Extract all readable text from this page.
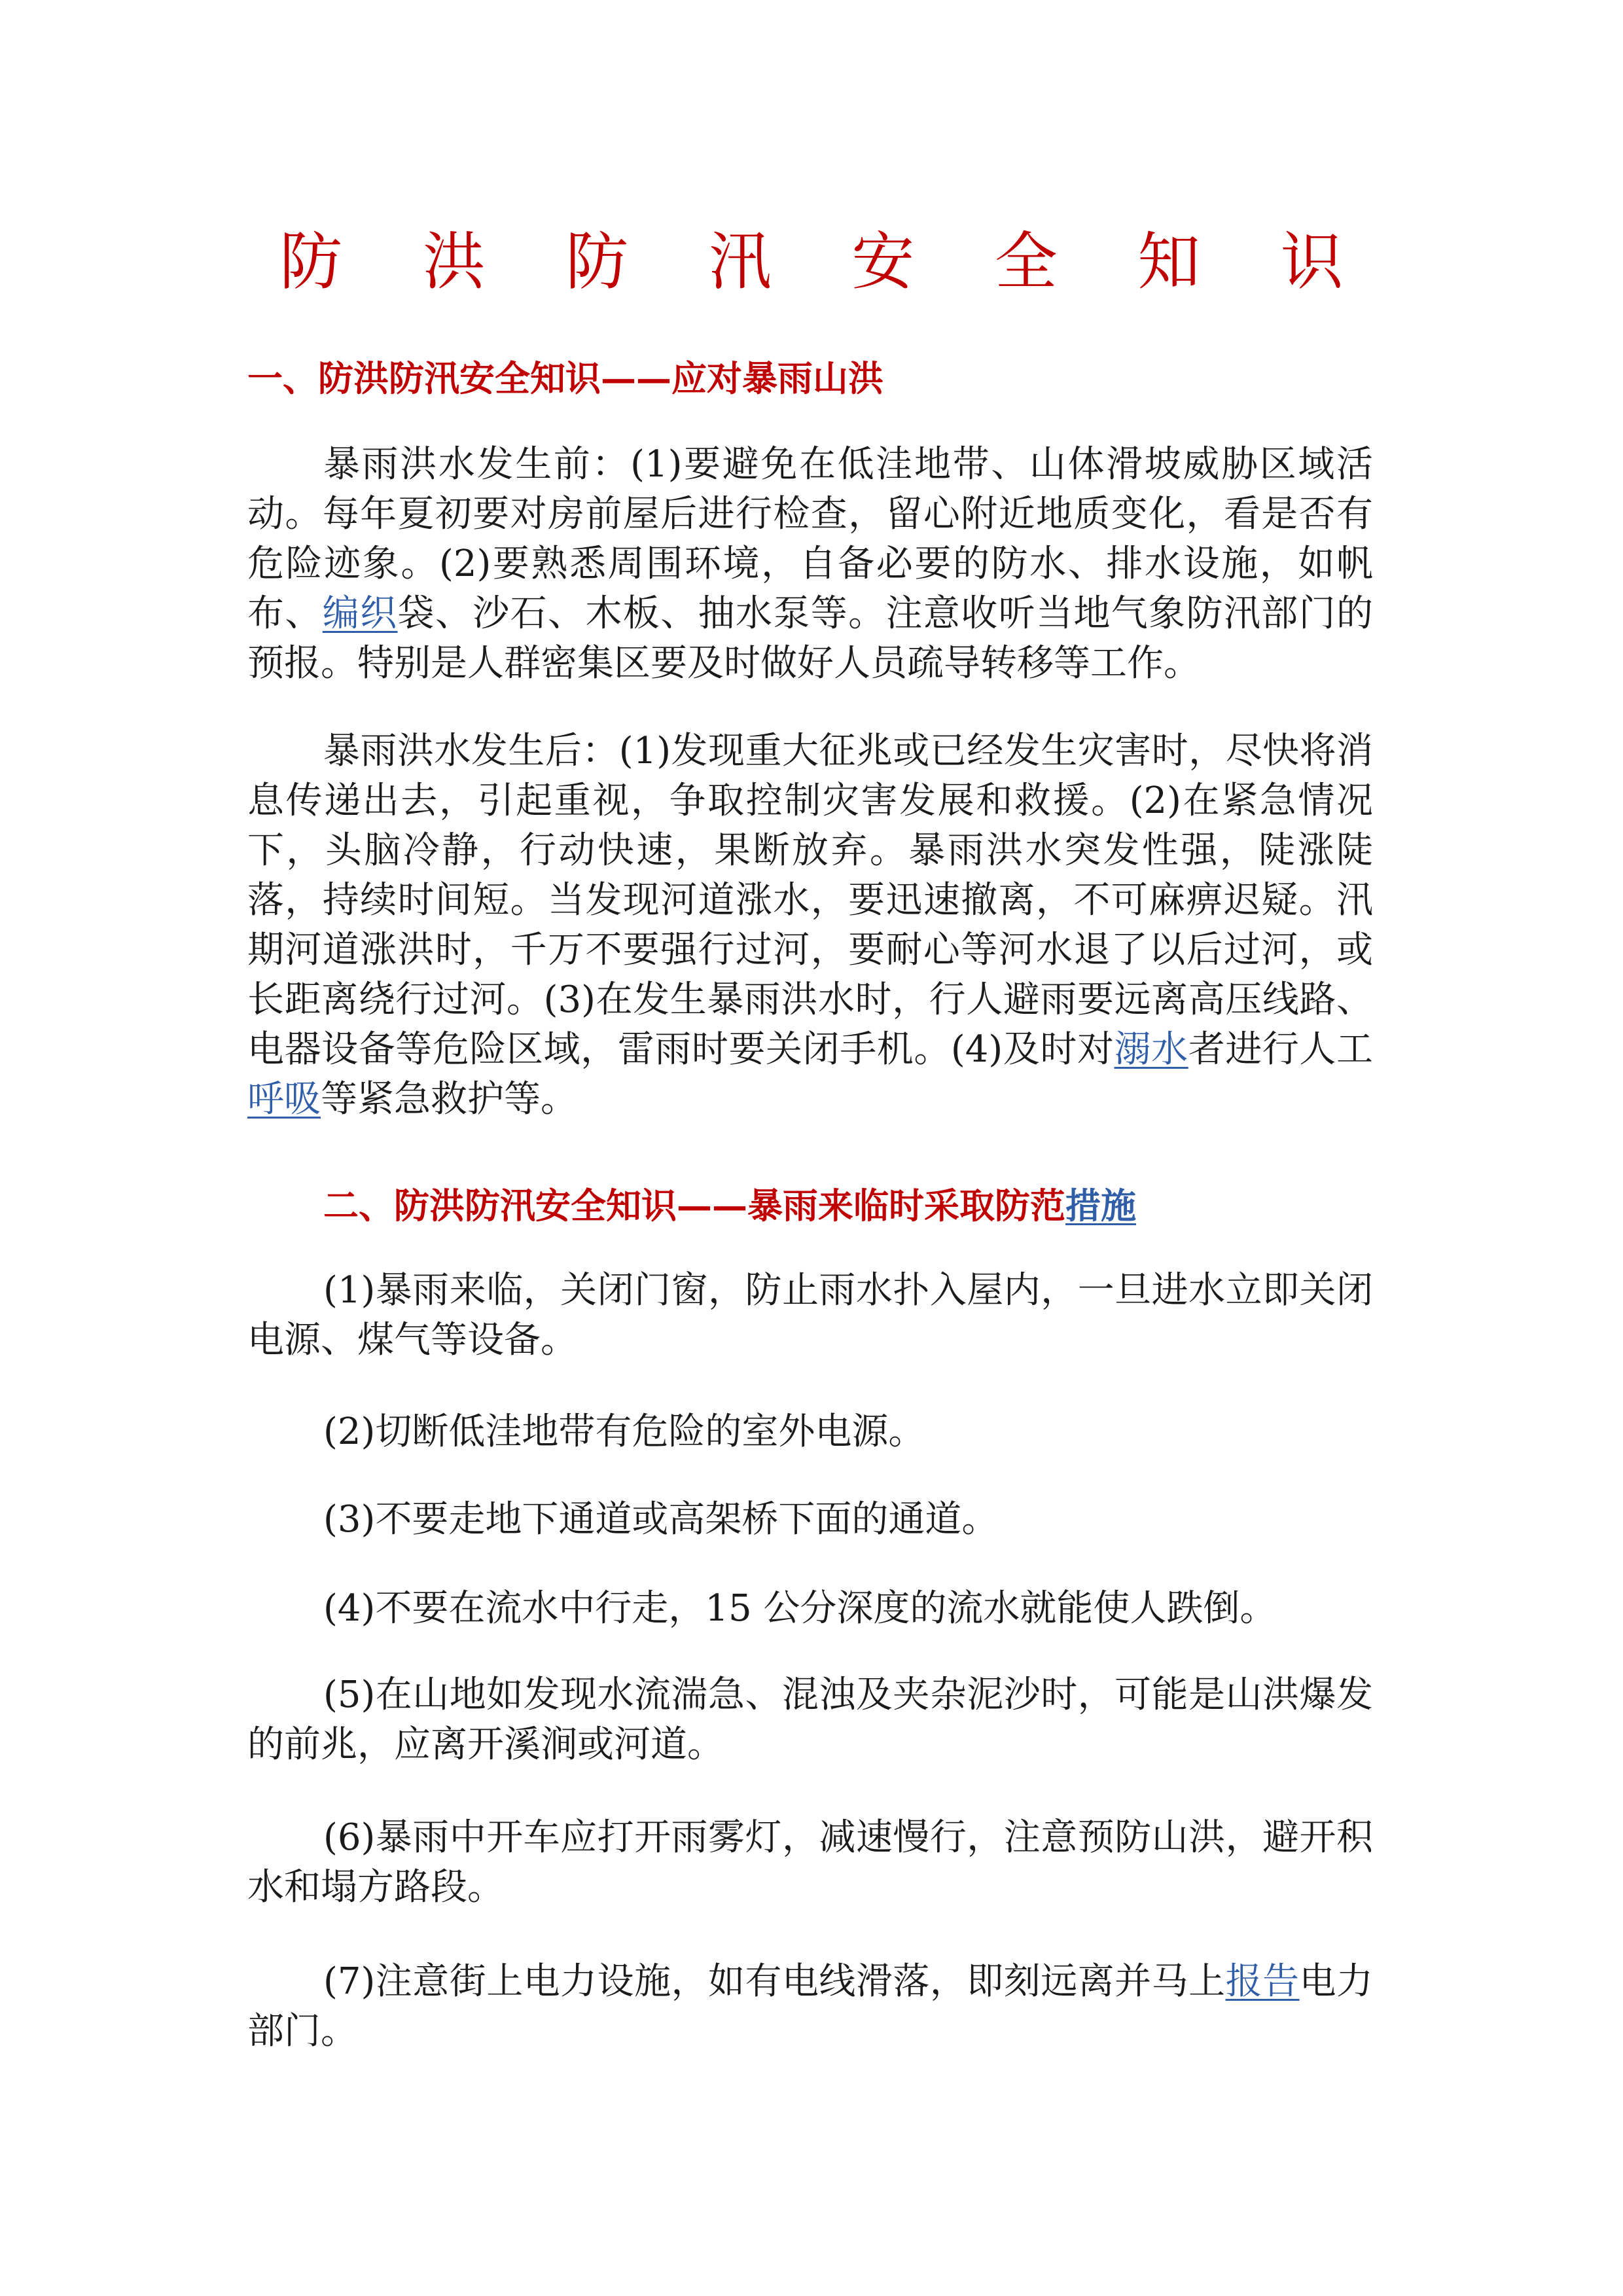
防 洪 防 汛 安 全 知 识

一、防洪防汛安全知识——应对暴雨山洪

暴雨洪水发生前：(1)要避免在低洼地带、山体滑坡威胁区域活动。每年夏初要对房前屋后进行检查，留心附近地质变化，看是否有危险迹象。(2)要熟悉周围环境，自备必要的防水、排水设施，如帆布、编织袋、沙石、木板、抽水泵等。注意收听当地气象防汛部门的预报。特别是人群密集区要及时做好人员疏导转移等工作。

暴雨洪水发生后：(1)发现重大征兆或已经发生灾害时，尽快将消息传递出去，引起重视，争取控制灾害发展和救援。(2)在紧急情况下，头脑冷静，行动快速，果断放弃。暴雨洪水突发性强，陡涨陡落，持续时间短。当发现河道涨水，要迅速撤离，不可麻痹迟疑。汛期河道涨洪时，千万不要强行过河，要耐心等河水退了以后过河，或长距离绕行过河。(3)在发生暴雨洪水时，行人避雨要远离高压线路、电器设备等危险区域，雷雨时要关闭手机。(4)及时对溺水者进行人工呼吸等紧急救护等。

二、防洪防汛安全知识——暴雨来临时采取防范措施

(1)暴雨来临，关闭门窗，防止雨水扑入屋内，一旦进水立即关闭电源、煤气等设备。

(2)切断低洼地带有危险的室外电源。

(3)不要走地下通道或高架桥下面的通道。

(4)不要在流水中行走，15 公分深度的流水就能使人跌倒。

(5)在山地如发现水流湍急、混浊及夹杂泥沙时，可能是山洪爆发的前兆，应离开溪涧或河道。

(6)暴雨中开车应打开雨雾灯，减速慢行，注意预防山洪，避开积水和塌方路段。

(7)注意街上电力设施，如有电线滑落，即刻远离并马上报告电力部门。
